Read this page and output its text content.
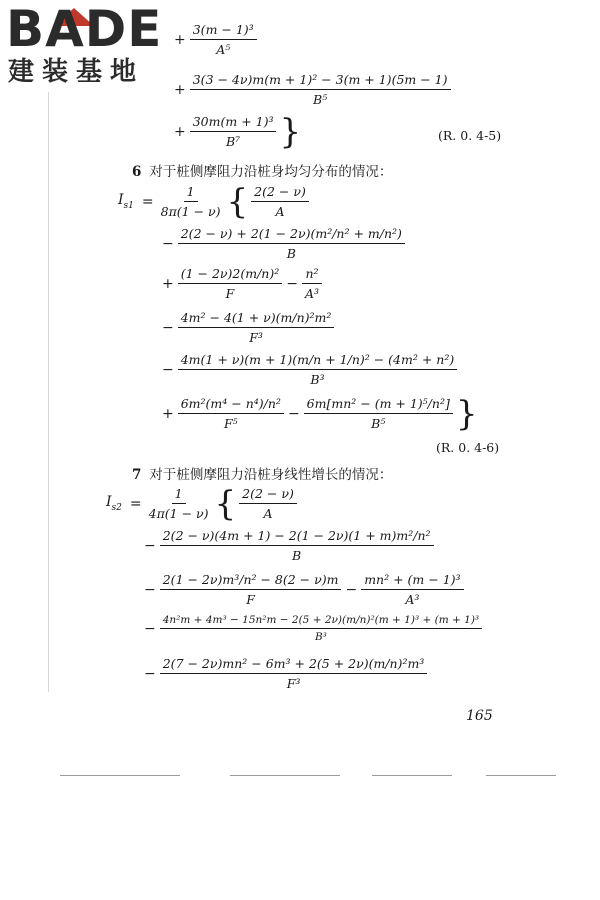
BADE
建装基地
+ $\frac{\text{3(m − 1)³}}{\text{A⁵}}$
+ $\frac{\text{3(3 − 4ν)m(m + 1)² − 3(m + 1)(5m − 1)}}{\text{B⁵}}$
+ $\frac{\text{30m(m + 1)³}}{\text{B⁷}}$ }	(R. 0. 4-5)
6 对于桩侧摩阻力沿桩身均匀分布的情况：
$I_{s1} = \frac{1}{8\pi(1 - \nu)}$ { $\frac{2(2 - \nu)}{A}$
− $\frac{\text{2(2 − ν) + 2(1 − 2ν)(m²/n² + m/n²)}}{B}$
+ $\frac{\text{(1 − 2ν)2(m/n)²}}{F} - \frac{\text{n²}}{\text{A³}}$
− $\frac{\text{4m² − 4(1 + ν)(m/n)²m²}}{\text{F³}}$
− $\frac{\text{4m(1 + ν)(m + 1)(m/n + 1/n)² − (4m² + n²)}}{\text{B³}}$
+ $\frac{\text{6m²(m⁴ − n⁴)/n²}}{\text{F⁵}} - \frac{\text{6m[mn² − (m + 1)⁵/n²]}}{\text{B⁵}}$ }
(R. 0. 4-6)
7 对于桩侧摩阻力沿桩身线性增长的情况：
$I_{s2} = \frac{1}{4\pi(1 - \nu)}$ { $\frac{2(2 - \nu)}{A}$
− $\frac{\text{2(2 − ν)(4m + 1) − 2(1 − 2ν)(1 + m)m²/n²}}{B}$
− $\frac{\text{2(1 − 2ν)m³/n² − 8(2 − ν)m}}{F} - \frac{\text{mn² + (m − 1)³}}{\text{A³}}$
− $\frac{\text{4n²m + 4m³ − 15n²m − 2(5 + 2ν)(m/n)²(m + 1)³ + (m + 1)³}}{\text{B³}}$
− $\frac{\text{2(7 − 2ν)mn² − 6m³ + 2(5 + 2ν)(m/n)²m³}}{\text{F³}}$
165
